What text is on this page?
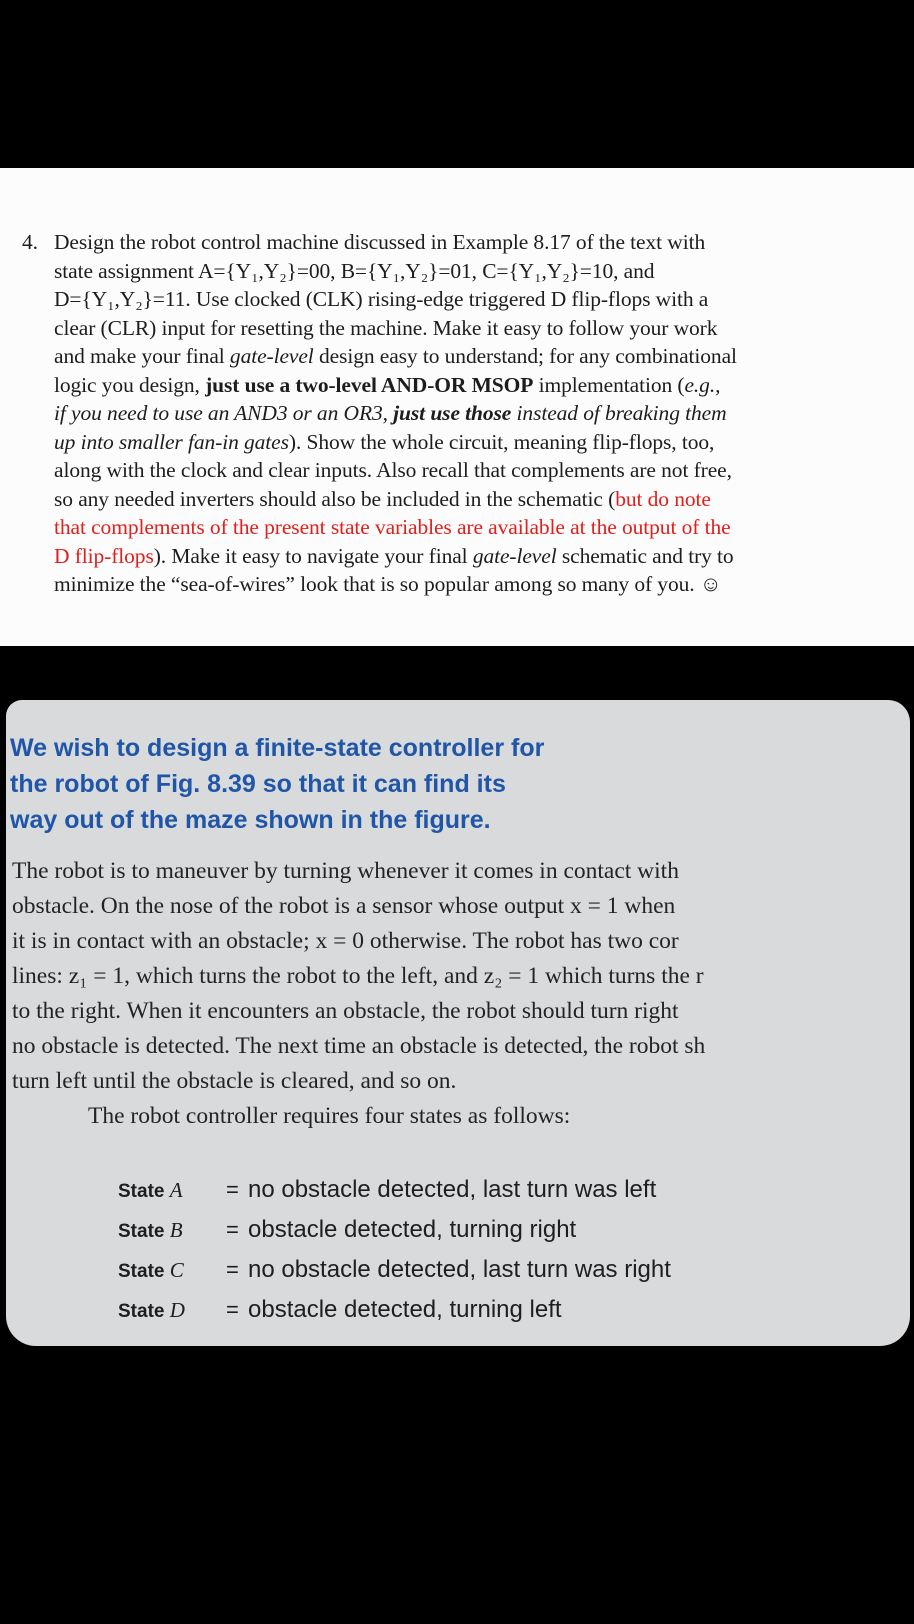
4. Design the robot control machine discussed in Example 8.17 of the text with
state assignment A={Y₁,Y₂}=00, B={Y₁,Y₂}=01, C={Y₁,Y₂}=10, and
D={Y₁,Y₂}=11. Use clocked (CLK) rising-edge triggered D flip-flops with a
clear (CLR) input for resetting the machine. Make it easy to follow your work
and make your final gate-level design easy to understand; for any combinational
logic you design, just use a two-level AND-OR MSOP implementation (e.g.,
if you need to use an AND3 or an OR3, just use those instead of breaking them
up into smaller fan-in gates). Show the whole circuit, meaning flip-flops, too,
along with the clock and clear inputs. Also recall that complements are not free,
so any needed inverters should also be included in the schematic (but do note
that complements of the present state variables are available at the output of the
D flip-flops). Make it easy to navigate your final gate-level schematic and try to
minimize the “sea-of-wires” look that is so popular among so many of you. ☺
We wish to design a finite-state controller for
the robot of Fig. 8.39 so that it can find its
way out of the maze shown in the figure.
The robot is to maneuver by turning whenever it comes in contact with
obstacle. On the nose of the robot is a sensor whose output x = 1 when
it is in contact with an obstacle; x = 0 otherwise. The robot has two cor
lines: z₁ = 1, which turns the robot to the left, and z₂ = 1 which turns the r
to the right. When it encounters an obstacle, the robot should turn right
no obstacle is detected. The next time an obstacle is detected, the robot sh
turn left until the obstacle is cleared, and so on.
The robot controller requires four states as follows:
State A = no obstacle detected, last turn was left
State B = obstacle detected, turning right
State C = no obstacle detected, last turn was right
State D = obstacle detected, turning left
